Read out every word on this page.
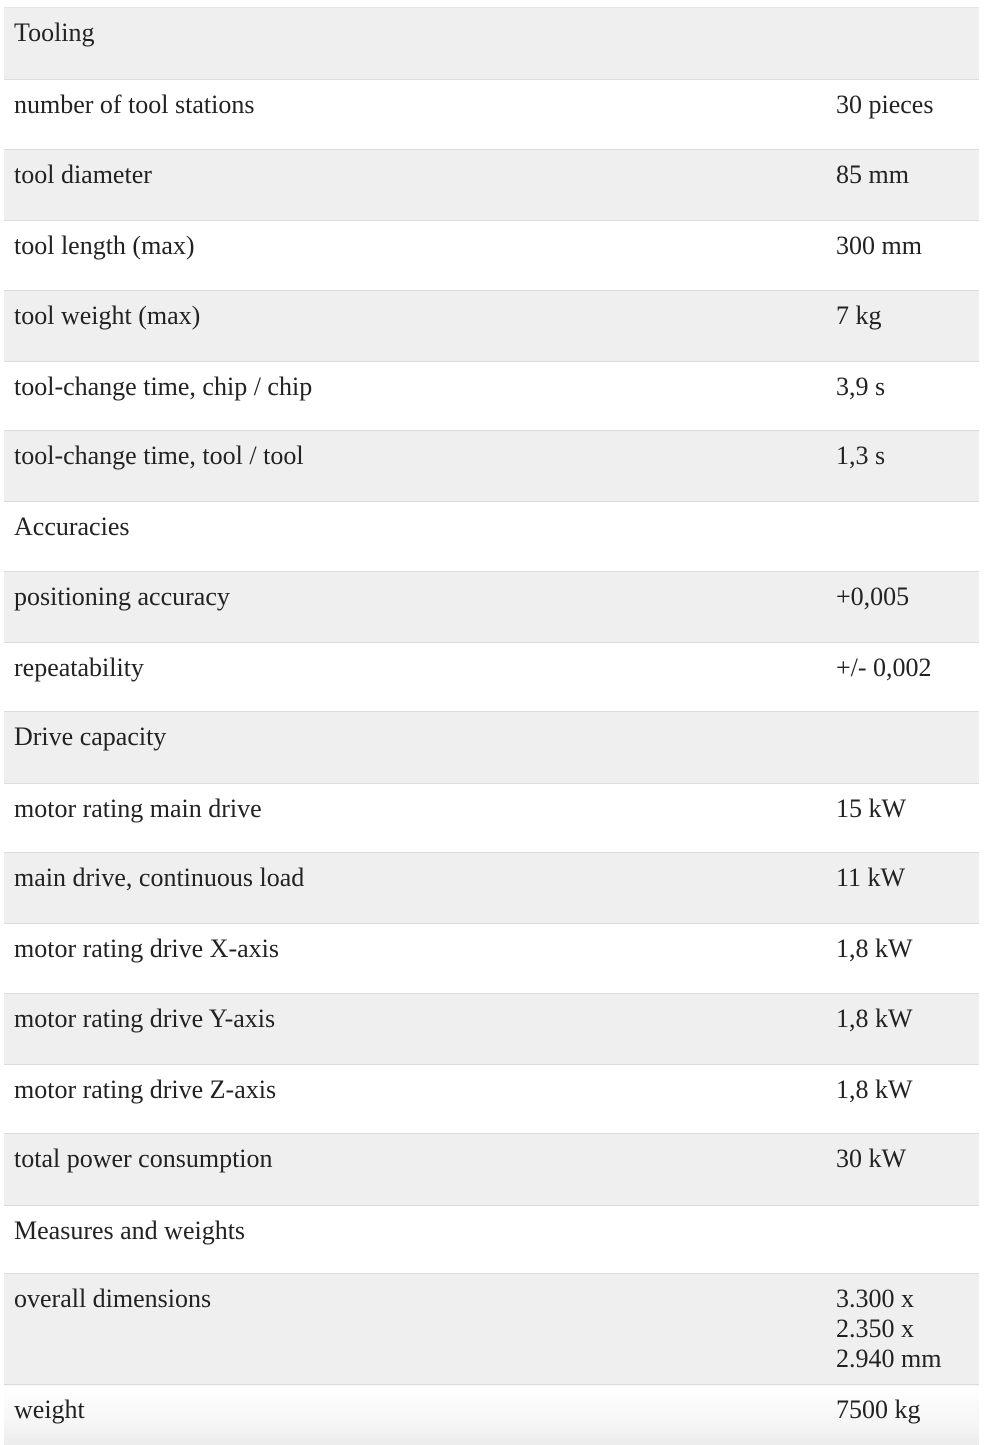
Tooling	
number of tool stations	30 pieces
tool diameter	85 mm
tool length (max)	300 mm
tool weight (max)	7 kg
tool-change time, chip / chip	3,9 s
tool-change time, tool / tool	1,3 s
Accuracies	
positioning accuracy	+0,005
repeatability	+/- 0,002
Drive capacity	
motor rating main drive	15 kW
main drive, continuous load	11 kW
motor rating drive X-axis	1,8 kW
motor rating drive Y-axis	1,8 kW
motor rating drive Z-axis	1,8 kW
total power consumption	30 kW
Measures and weights	
overall dimensions	3.300 x
2.350 x
2.940 mm
weight	7500 kg
